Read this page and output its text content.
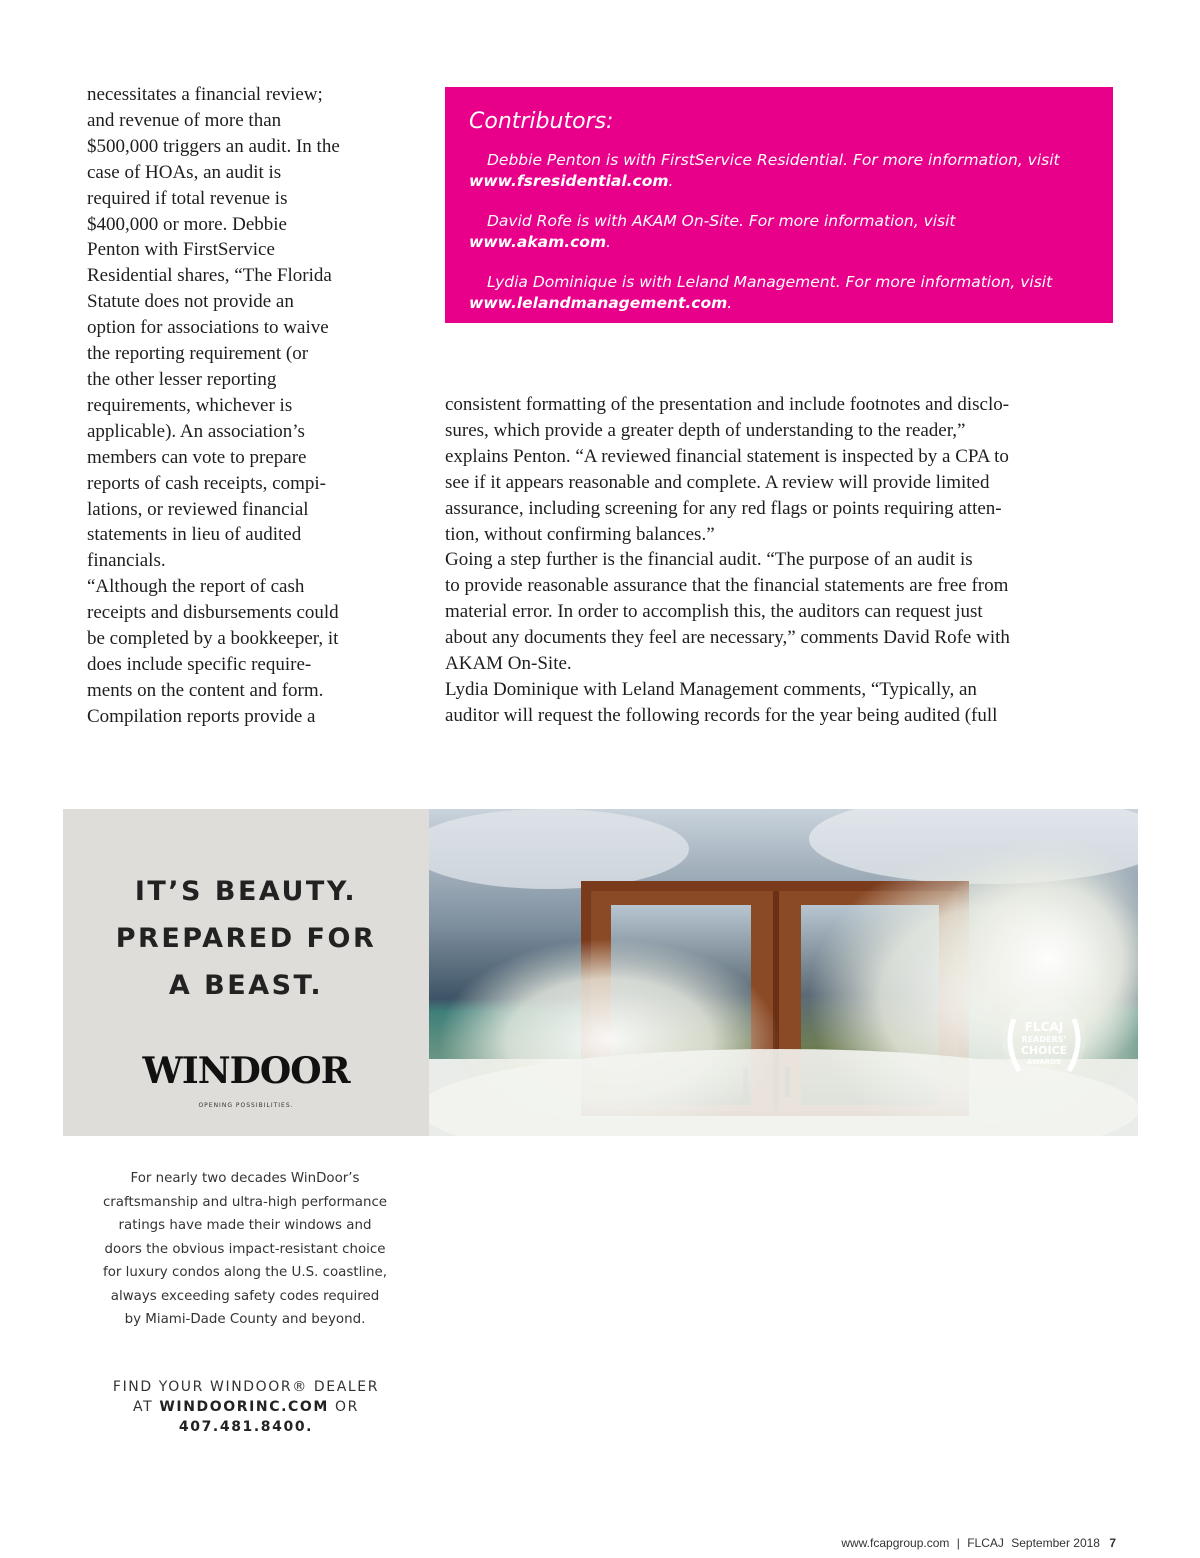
necessitates a financial review;
and revenue of more than
$500,000 triggers an audit. In the
case of HOAs, an audit is
required if total revenue is
$400,000 or more. Debbie
Penton with FirstService
Residential shares, “The Florida
Statute does not provide an
option for associations to waive
the reporting requirement (or
the other lesser reporting
requirements, whichever is
applicable). An association’s
members can vote to prepare
reports of cash receipts, compi-
lations, or reviewed financial
statements in lieu of audited
financials.
“Although the report of cash
receipts and disbursements could
be completed by a bookkeeper, it
does include specific require-
ments on the content and form.
Compilation reports provide a
Contributors:

Debbie Penton is with FirstService Residential. For more information, visit www.fsresidential.com.

David Rofe is with AKAM On-Site. For more information, visit www.akam.com.

Lydia Dominique is with Leland Management. For more information, visit www.lelandmanagement.com.

consistent formatting of the presentation and include footnotes and disclo-
sures, which provide a greater depth of understanding to the reader,”
explains Penton. “A reviewed financial statement is inspected by a CPA to
see if it appears reasonable and complete. A review will provide limited
assurance, including screening for any red flags or points requiring atten-
tion, without confirming balances.”
Going a step further is the financial audit. “The purpose of an audit is
to provide reasonable assurance that the financial statements are free from
material error. In order to accomplish this, the auditors can request just
about any documents they feel are necessary,” comments David Rofe with
AKAM On-Site.
Lydia Dominique with Leland Management comments, “Typically, an
auditor will request the following records for the year being audited (full
FLCAJ
READERS’
CHOICE
AWARDS
IT’S BEAUTY.
PREPARED FOR
A BEAST.
WINDOOR
OPENING POSSIBILITIES.
For nearly two decades WinDoor’s
craftsmanship and ultra-high performance
ratings have made their windows and
doors the obvious impact-resistant choice
for luxury condos along the U.S. coastline,
always exceeding safety codes required
by Miami-Dade County and beyond.
FIND YOUR WINDOOR® DEALER
AT WINDOORINC.COM OR
407.481.8400.
www.fcapgroup.com | FLCAJ September 2018 7
